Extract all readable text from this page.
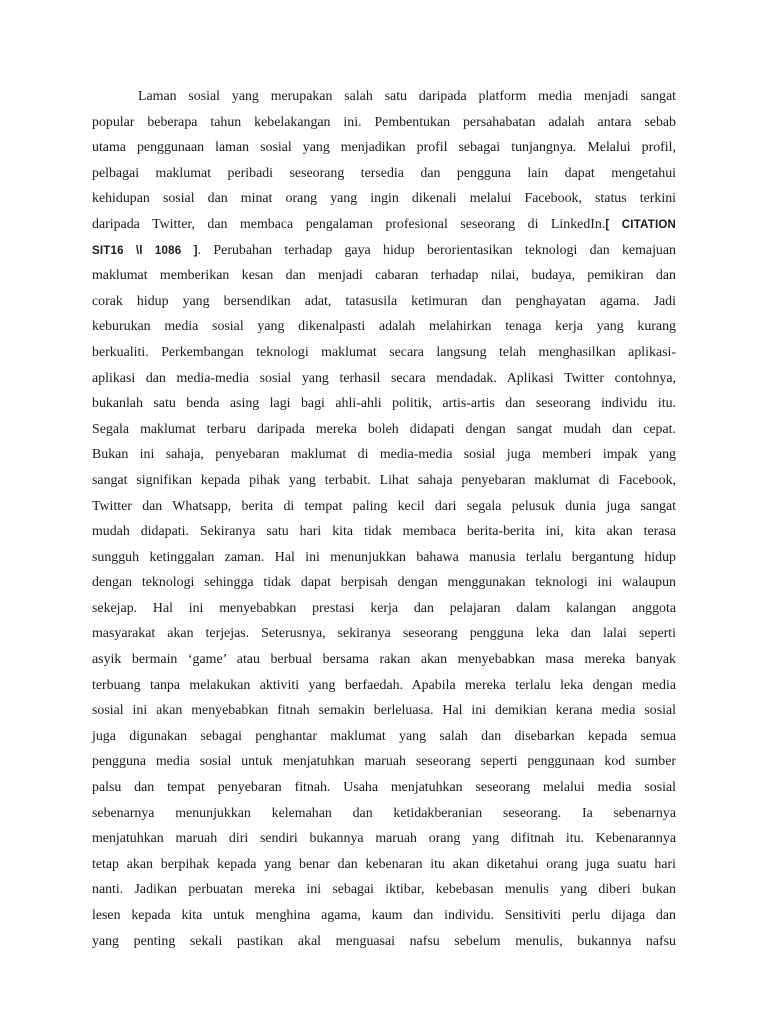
Laman sosial yang merupakan salah satu daripada platform media menjadi sangat
popular beberapa tahun kebelakangan ini. Pembentukan persahabatan adalah antara sebab
utama penggunaan laman sosial yang menjadikan profil sebagai tunjangnya. Melalui profil,
pelbagai maklumat peribadi seseorang tersedia dan pengguna lain dapat mengetahui
kehidupan sosial dan minat orang yang ingin dikenali melalui Facebook, status terkini
daripada Twitter, dan membaca pengalaman profesional seseorang di LinkedIn.[ CITATION
SIT16 \l 1086 ]. Perubahan terhadap gaya hidup berorientasikan teknologi dan kemajuan
maklumat memberikan kesan dan menjadi cabaran terhadap nilai, budaya, pemikiran dan
corak hidup yang bersendikan adat, tatasusila ketimuran dan penghayatan agama. Jadi
keburukan media sosial yang dikenalpasti adalah melahirkan tenaga kerja yang kurang
berkualiti. Perkembangan teknologi maklumat secara langsung telah menghasilkan aplikasi-
aplikasi dan media-media sosial yang terhasil secara mendadak. Aplikasi Twitter contohnya,
bukanlah satu benda asing lagi bagi ahli-ahli politik, artis-artis dan seseorang individu itu.
Segala maklumat terbaru daripada mereka boleh didapati dengan sangat mudah dan cepat.
Bukan ini sahaja, penyebaran maklumat di media-media sosial juga memberi impak yang
sangat signifikan kepada pihak yang terbabit. Lihat sahaja penyebaran maklumat di Facebook,
Twitter dan Whatsapp, berita di tempat paling kecil dari segala pelusuk dunia juga sangat
mudah didapati. Sekiranya satu hari kita tidak membaca berita-berita ini, kita akan terasa
sungguh ketinggalan zaman. Hal ini menunjukkan bahawa manusia terlalu bergantung hidup
dengan teknologi sehingga tidak dapat berpisah dengan menggunakan teknologi ini walaupun
sekejap. Hal ini menyebabkan prestasi kerja dan pelajaran dalam kalangan anggota
masyarakat akan terjejas. Seterusnya, sekiranya seseorang pengguna leka dan lalai seperti
asyik bermain ‘game’ atau berbual bersama rakan akan menyebabkan masa mereka banyak
terbuang tanpa melakukan aktiviti yang berfaedah. Apabila mereka terlalu leka dengan media
sosial ini akan menyebabkan fitnah semakin berleluasa. Hal ini demikian kerana media sosial
juga digunakan sebagai penghantar maklumat yang salah dan disebarkan kepada semua
pengguna media sosial untuk menjatuhkan maruah seseorang seperti penggunaan kod sumber
palsu dan tempat penyebaran fitnah. Usaha menjatuhkan seseorang melalui media sosial
sebenarnya menunjukkan kelemahan dan ketidakberanian seseorang. Ia sebenarnya
menjatuhkan maruah diri sendiri bukannya maruah orang yang difitnah itu. Kebenarannya
tetap akan berpihak kepada yang benar dan kebenaran itu akan diketahui orang juga suatu hari
nanti. Jadikan perbuatan mereka ini sebagai iktibar, kebebasan menulis yang diberi bukan
lesen kepada kita untuk menghina agama, kaum dan individu. Sensitiviti perlu dijaga dan
yang penting sekali pastikan akal menguasai nafsu sebelum menulis, bukannya nafsu
